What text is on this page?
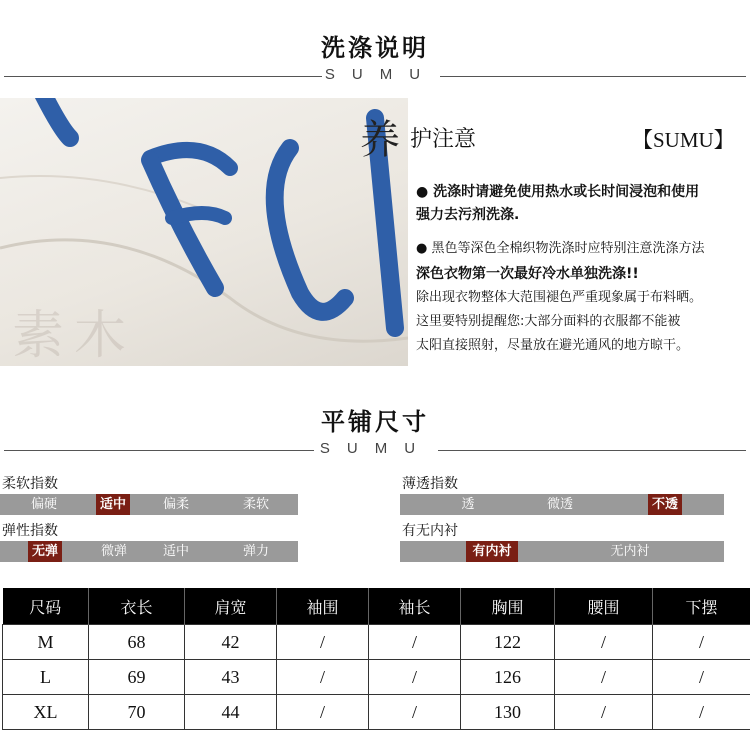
洗涤说明
SUMU
素木
养 护注意	【SUMU】
● 洗涤时请避免使用热水或长时间浸泡和使用
强力去污剂洗涤.
● 黑色等深色全棉织物洗涤时应特别注意洗涤方法
深色衣物第一次最好冷水单独洗涤!!
除出现衣物整体大范围褪色严重现象属于布料晒。
这里要特别提醒您:大部分面料的衣服都不能被
太阳直接照射，尽量放在避光通风的地方晾干。
平铺尺寸
SUMU
柔软指数
偏硬	适中	偏柔	柔软
弹性指数
无弹	微弹	适中	弹力
薄透指数
透	微透	不透
有无内衬
有内衬	无内衬
尺码	衣长	肩宽	袖围	袖长	胸围	腰围	下摆
M	68	42	/	/	122	/	/
L	69	43	/	/	126	/	/
XL	70	44	/	/	130	/	/
